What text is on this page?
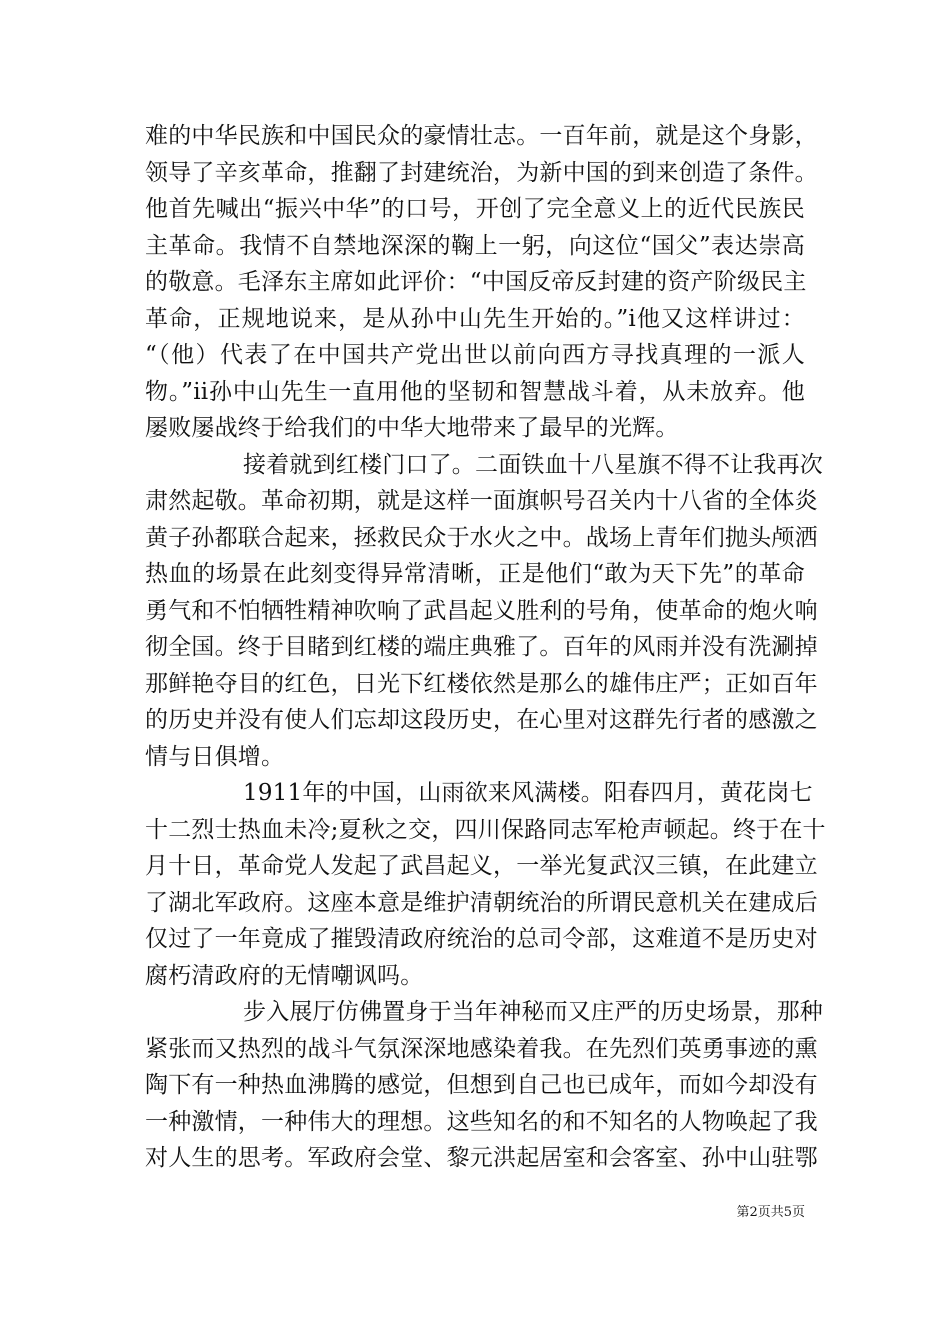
难的中华民族和中国民众的豪情壮志。一百年前，就是这个身影，
领导了辛亥革命，推翻了封建统治，为新中国的到来创造了条件。
他首先喊出“振兴中华”的口号，开创了完全意义上的近代民族民
主革命。我情不自禁地深深的鞠上一躬，向这位“国父”表达崇高
的敬意。毛泽东主席如此评价：“中国反帝反封建的资产阶级民主
革命，正规地说来，是从孙中山先生开始的。”i他又这样讲过：
“（他）代表了在中国共产党出世以前向西方寻找真理的一派人
物。”ii孙中山先生一直用他的坚韧和智慧战斗着，从未放弃。他
屡败屡战终于给我们的中华大地带来了最早的光辉。
接着就到红楼门口了。二面铁血十八星旗不得不让我再次
肃然起敬。革命初期，就是这样一面旗帜号召关内十八省的全体炎
黄子孙都联合起来，拯救民众于水火之中。战场上青年们抛头颅洒
热血的场景在此刻变得异常清晰，正是他们“敢为天下先”的革命
勇气和不怕牺牲精神吹响了武昌起义胜利的号角，使革命的炮火响
彻全国。终于目睹到红楼的端庄典雅了。百年的风雨并没有洗涮掉
那鲜艳夺目的红色，日光下红楼依然是那么的雄伟庄严；正如百年
的历史并没有使人们忘却这段历史，在心里对这群先行者的感激之
情与日俱增。
1911年的中国，山雨欲来风满楼。阳春四月，黄花岗七
十二烈士热血未冷;夏秋之交，四川保路同志军枪声顿起。终于在十
月十日，革命党人发起了武昌起义，一举光复武汉三镇，在此建立
了湖北军政府。这座本意是维护清朝统治的所谓民意机关在建成后
仅过了一年竟成了摧毁清政府统治的总司令部，这难道不是历史对
腐朽清政府的无情嘲讽吗。
步入展厅仿佛置身于当年神秘而又庄严的历史场景，那种
紧张而又热烈的战斗气氛深深地感染着我。在先烈们英勇事迹的熏
陶下有一种热血沸腾的感觉，但想到自己也已成年，而如今却没有
一种激情，一种伟大的理想。这些知名的和不知名的人物唤起了我
对人生的思考。军政府会堂、黎元洪起居室和会客室、孙中山驻鄂
第2页共5页
